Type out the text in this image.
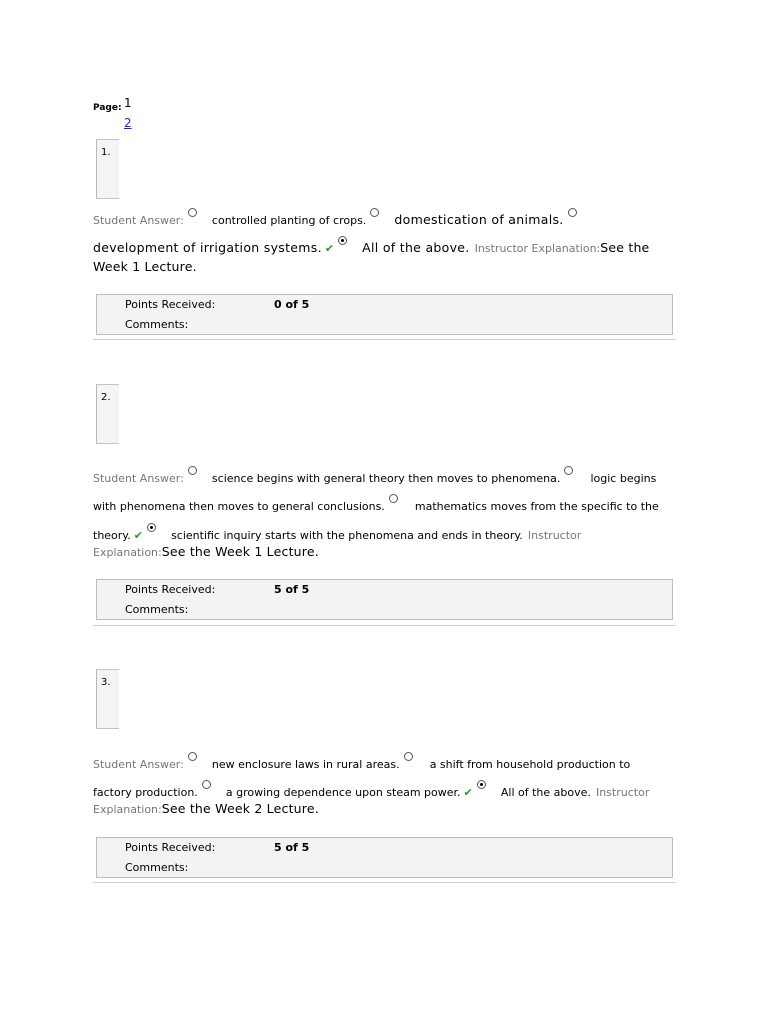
Page: 1
2
1.
Student Answer:	controlled planting of crops. domestication of animals.
development of irrigation systems. ✔ All of the above. Instructor Explanation:See the
Week 1 Lecture.
Points Received:	0 of 5
Comments:
2.
Student Answer:	science begins with general theory then moves to phenomena.	logic begins
with phenomena then moves to general conclusions.	mathematics moves from the specific to the
theory. ✔	scientific inquiry starts with the phenomena and ends in theory. Instructor
Explanation:See the Week 1 Lecture.
Points Received:	5 of 5
Comments:
3.
Student Answer:	new enclosure laws in rural areas.	a shift from household production to
factory production.	a growing dependence upon steam power. ✔	All of the above. Instructor
Explanation:See the Week 2 Lecture.
Points Received:	5 of 5
Comments:
